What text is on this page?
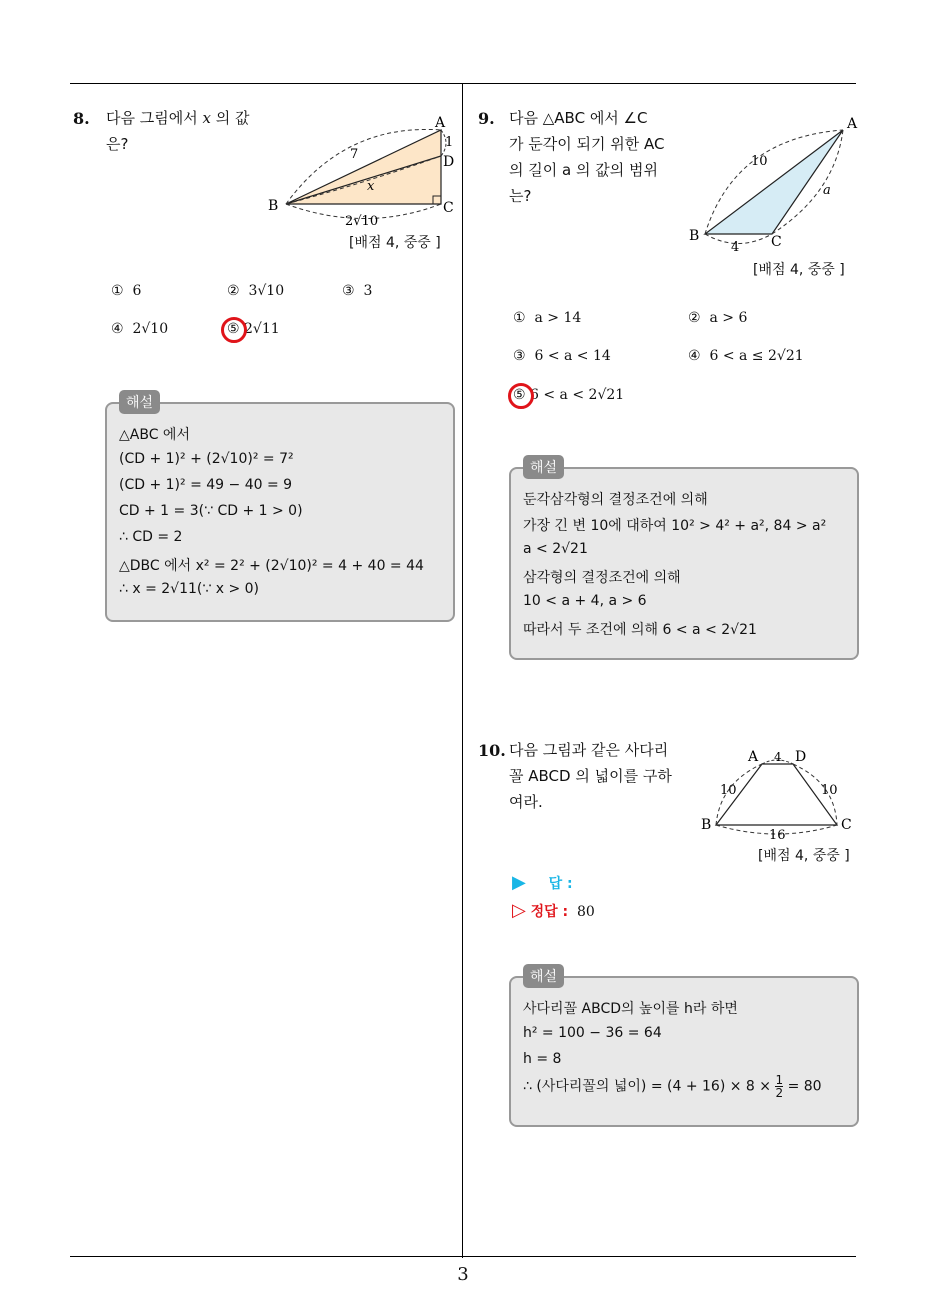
8. 다음 그림에서 x 의 값
은?
A
B	C
D
7
1
2√10
x
[배점 4, 중중 ]
① 6	② 3√10	③ 3
④ 2√10	⑤ 2√11
△ABC 에서
(CD + 1)² + (2√10)² = 7²
(CD + 1)² = 49 − 40 = 9
CD + 1 = 3(∵ CD + 1 > 0)
∴ CD = 2
△DBC 에서 x² = 2² + (2√10)² = 4 + 40 = 44
∴ x = 2√11(∵ x > 0)
해설
9. 다음 △ABC 에서 ∠C
가 둔각이 되기 위한 AC
의 길이 a 의 값의 범위
는?
A
B	C
10
a
4
[배점 4, 중중 ]
① a > 14	② a > 6
③ 6 < a < 14	④ 6 < a ≤ 2√21
⑤ 6 < a < 2√21
둔각삼각형의 결정조건에 의해
가장 긴 변 10에 대하여 10² > 4² + a², 84 > a²
a < 2√21
삼각형의 결정조건에 의해
10 < a + 4, a > 6
따라서 두 조건에 의해 6 < a < 2√21
해설
10. 다음 그림과 같은 사다리
꼴 ABCD 의 넓이를 구하
여라.
A	D
B	C
4
10	10
16
[배점 4, 중중 ]
▶ 답 :
▷ 정답 : 80
사다리꼴 ABCD의 높이를 h라 하면
h² = 100 − 36 = 64
h = 8
∴ (사다리꼴의 넓이) = $(4 + 16) \times 8 \times \frac{1}{2} = 80$
해설
3
